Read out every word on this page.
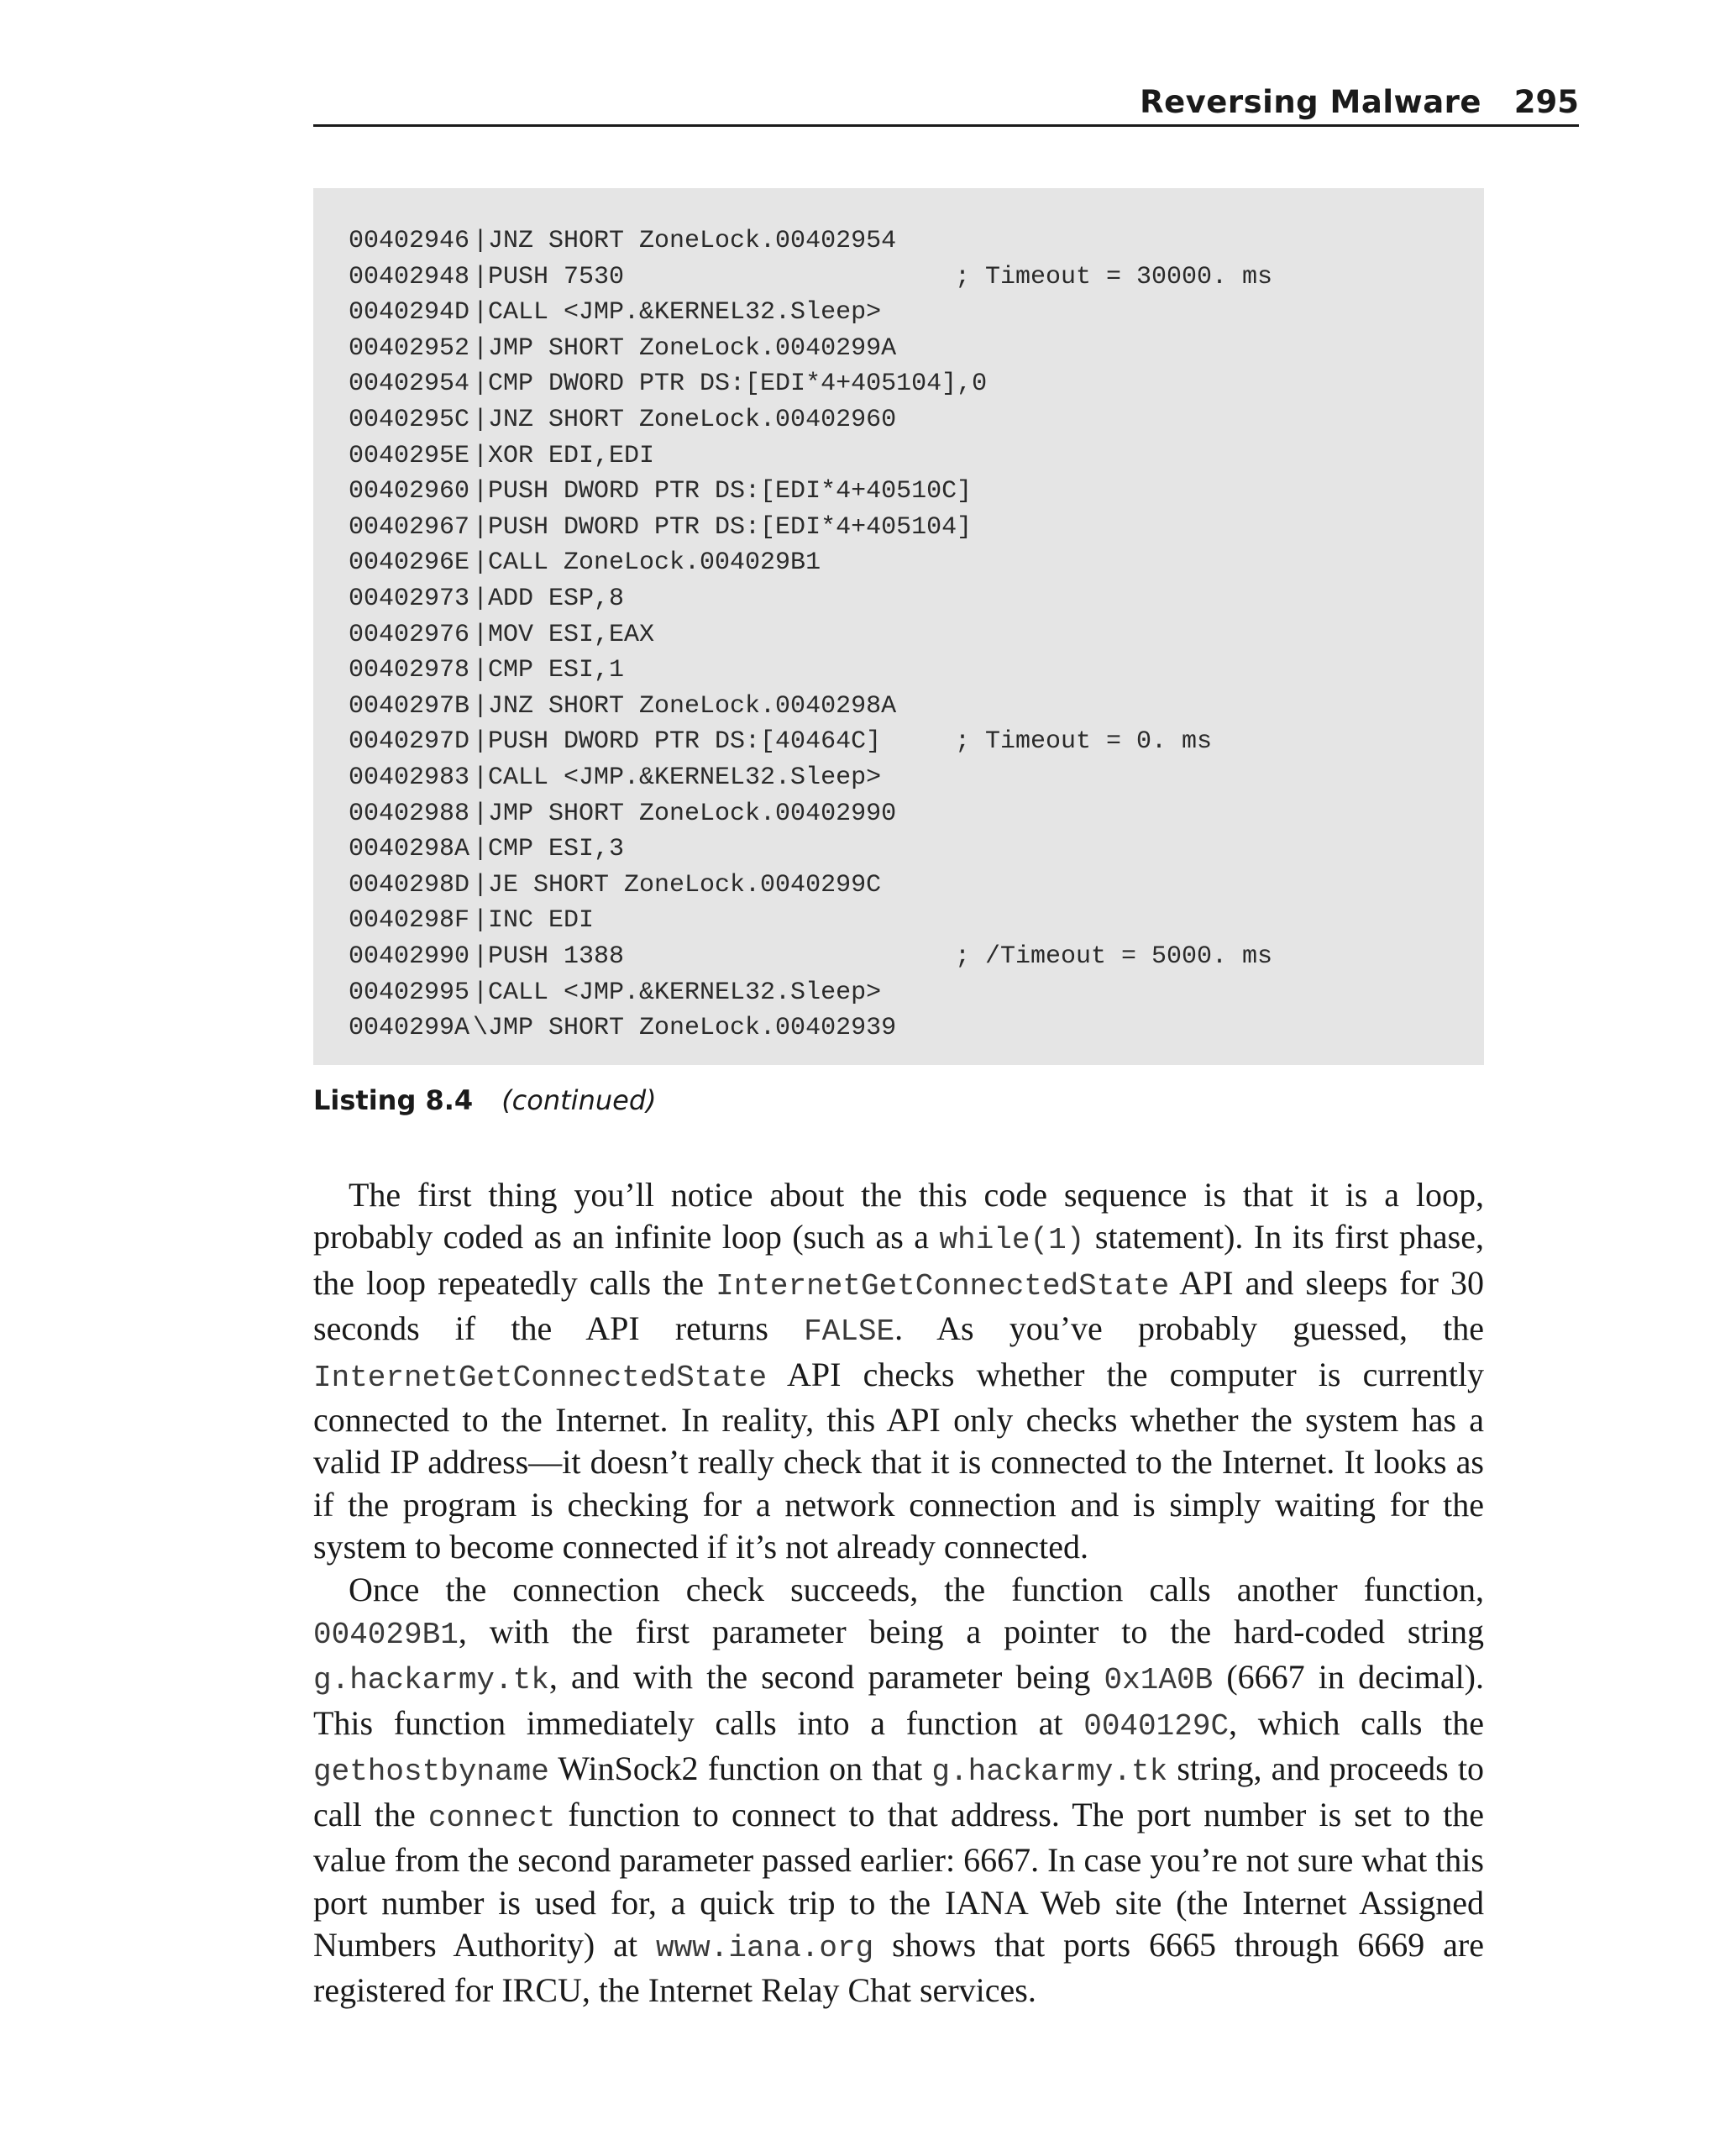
Reversing Malware 295
00402946 |JNZ SHORT ZoneLock.00402954
00402948 |PUSH 7530	; Timeout = 30000. ms
0040294D |CALL <JMP.&KERNEL32.Sleep>
00402952 |JMP SHORT ZoneLock.0040299A
00402954 |CMP DWORD PTR DS:[EDI*4+405104],0
0040295C |JNZ SHORT ZoneLock.00402960
0040295E |XOR EDI,EDI
00402960 |PUSH DWORD PTR DS:[EDI*4+40510C]
00402967 |PUSH DWORD PTR DS:[EDI*4+405104]
0040296E |CALL ZoneLock.004029B1
00402973 |ADD ESP,8
00402976 |MOV ESI,EAX
00402978 |CMP ESI,1
0040297B |JNZ SHORT ZoneLock.0040298A
0040297D |PUSH DWORD PTR DS:[40464C]	; Timeout = 0. ms
00402983 |CALL <JMP.&KERNEL32.Sleep>
00402988 |JMP SHORT ZoneLock.00402990
0040298A |CMP ESI,3
0040298D |JE SHORT ZoneLock.0040299C
0040298F |INC EDI
00402990 |PUSH 1388	; /Timeout = 5000. ms
00402995 |CALL <JMP.&KERNEL32.Sleep>
0040299A \JMP SHORT ZoneLock.00402939
Listing 8.4 (continued)

The first thing you’ll notice about the this code sequence is that it is a loop, probably coded as an infinite loop (such as a while(1) statement). In its first phase, the loop repeatedly calls the InternetGetConnectedState API and sleeps for 30 seconds if the API returns FALSE. As you’ve probably guessed, the InternetGetConnectedState API checks whether the computer is currently connected to the Internet. In reality, this API only checks whether the system has a valid IP address—it doesn’t really check that it is connected to the Internet. It looks as if the program is checking for a network connection and is simply waiting for the system to become connected if it’s not already connected.

Once the connection check succeeds, the function calls another function, 004029B1, with the first parameter being a pointer to the hard-coded string g.hackarmy.tk, and with the second parameter being 0x1A0B (6667 in decimal). This function immediately calls into a function at 0040129C, which calls the gethostbyname WinSock2 function on that g.hackarmy.tk string, and proceeds to call the connect function to connect to that address. The port number is set to the value from the second parameter passed earlier: 6667. In case you’re not sure what this port number is used for, a quick trip to the IANA Web site (the Internet Assigned Numbers Authority) at www.iana.org shows that ports 6665 through 6669 are registered for IRCU, the Internet Relay Chat services.
